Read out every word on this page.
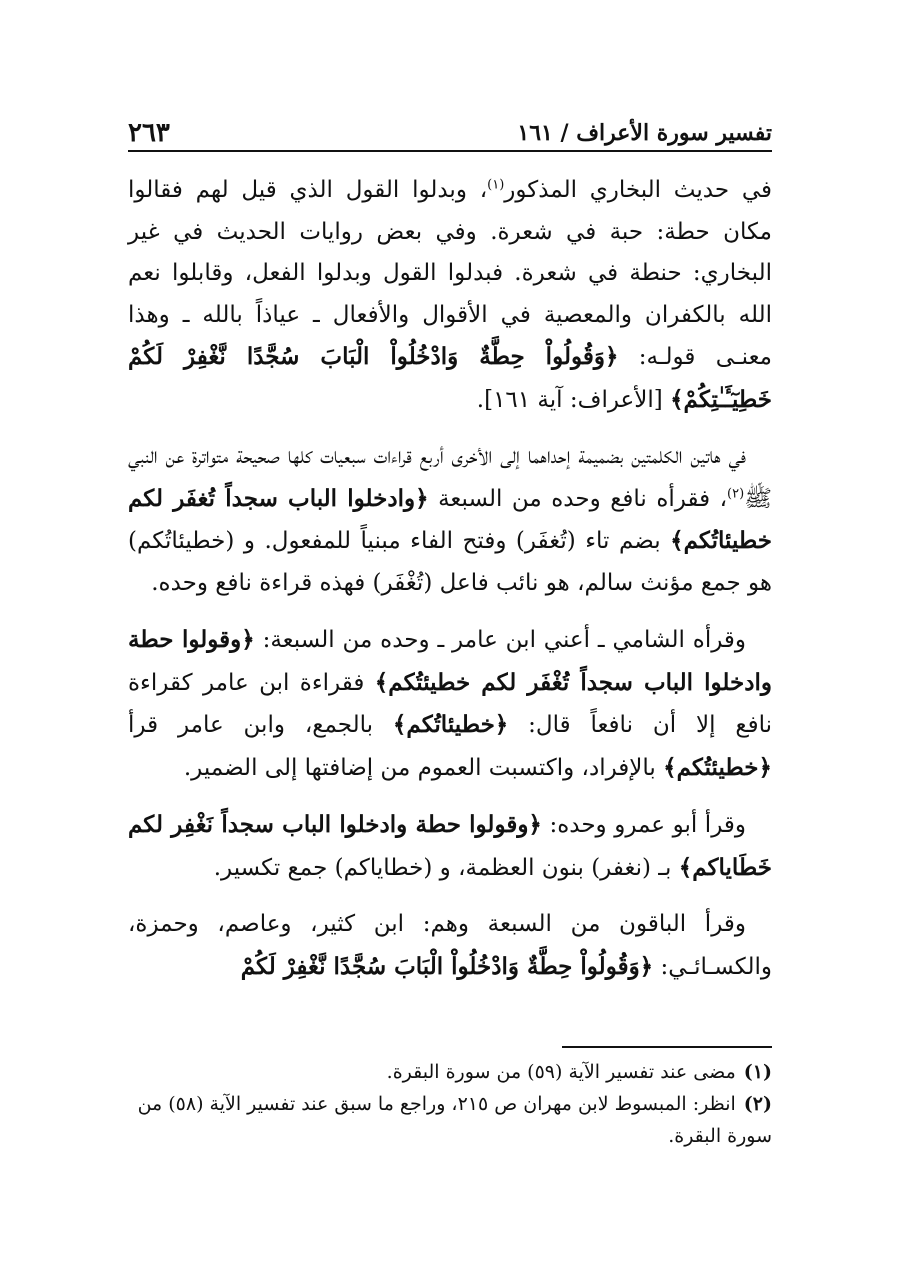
تفسير سورة الأعراف / ١٦١
٢٦٣

في حديث البخاري المذكور$^{(١)}$، وبدلوا القول الذي قيل لهم فقالوا مكان حطة: حبة في شعرة. وفي بعض روايات الحديث في غير البخاري: حنطة في شعرة. فبدلوا القول وبدلوا الفعل، وقابلوا نعم الله بالكفران والمعصية في الأقوال والأفعال ـ عياذاً بالله ـ وهذا معنـى قولـه: ﴿وَقُولُواْ حِطَّةٌ وَادْخُلُواْ الْبَابَ سُجَّدًا نَّغْفِرْ لَكُمْ خَطِيٓـَٔـٰتِكُمْ﴾ [الأعراف: آية ١٦١].

في هاتين الكلمتين بضميمة إحداهما إلى الأخرى أربع قراءات سبعيات كلها صحيحة متواترة عن النبي ﷺ$^{(٢)}$، فقرأه نافع وحده من السبعة ﴿وادخلوا الباب سجداً تُغفَر لكم خطيئاتُكم﴾ بضم تاء (تُغفَر) وفتح الفاء مبنياً للمفعول. و (خطيئاتُكم) هو جمع مؤنث سالم، هو نائب فاعل (تُغْفَر) فهذه قراءة نافع وحده.

وقرأه الشامي ـ أعني ابن عامر ـ وحده من السبعة: ﴿وقولوا حطة وادخلوا الباب سجداً تُغْفَر لكم خطيئتُكم﴾ فقراءة ابن عامر كقراءة نافع إلا أن نافعاً قال: ﴿خطيئاتُكم﴾ بالجمع، وابن عامر قرأ ﴿خطيئتُكم﴾ بالإفراد، واكتسبت العموم من إضافتها إلى الضمير.

وقرأ أبو عمرو وحده: ﴿وقولوا حطة وادخلوا الباب سجداً نَغْفِر لكم خَطَاياكم﴾ بـ (نغفر) بنون العظمة، و (خطاياكم) جمع تكسير.

وقرأ الباقون من السبعة وهم: ابن كثير، وعاصم، وحمزة، والكسـائـي: ﴿وَقُولُواْ حِطَّةٌ وَادْخُلُواْ الْبَابَ سُجَّدًا نَّغْفِرْ لَكُمْ

(١)مضى عند تفسير الآية (٥٩) من سورة البقرة.

(٢)انظر: المبسوط لابن مهران ص ٢١٥، وراجع ما سبق عند تفسير الآية (٥٨) من سورة البقرة.
